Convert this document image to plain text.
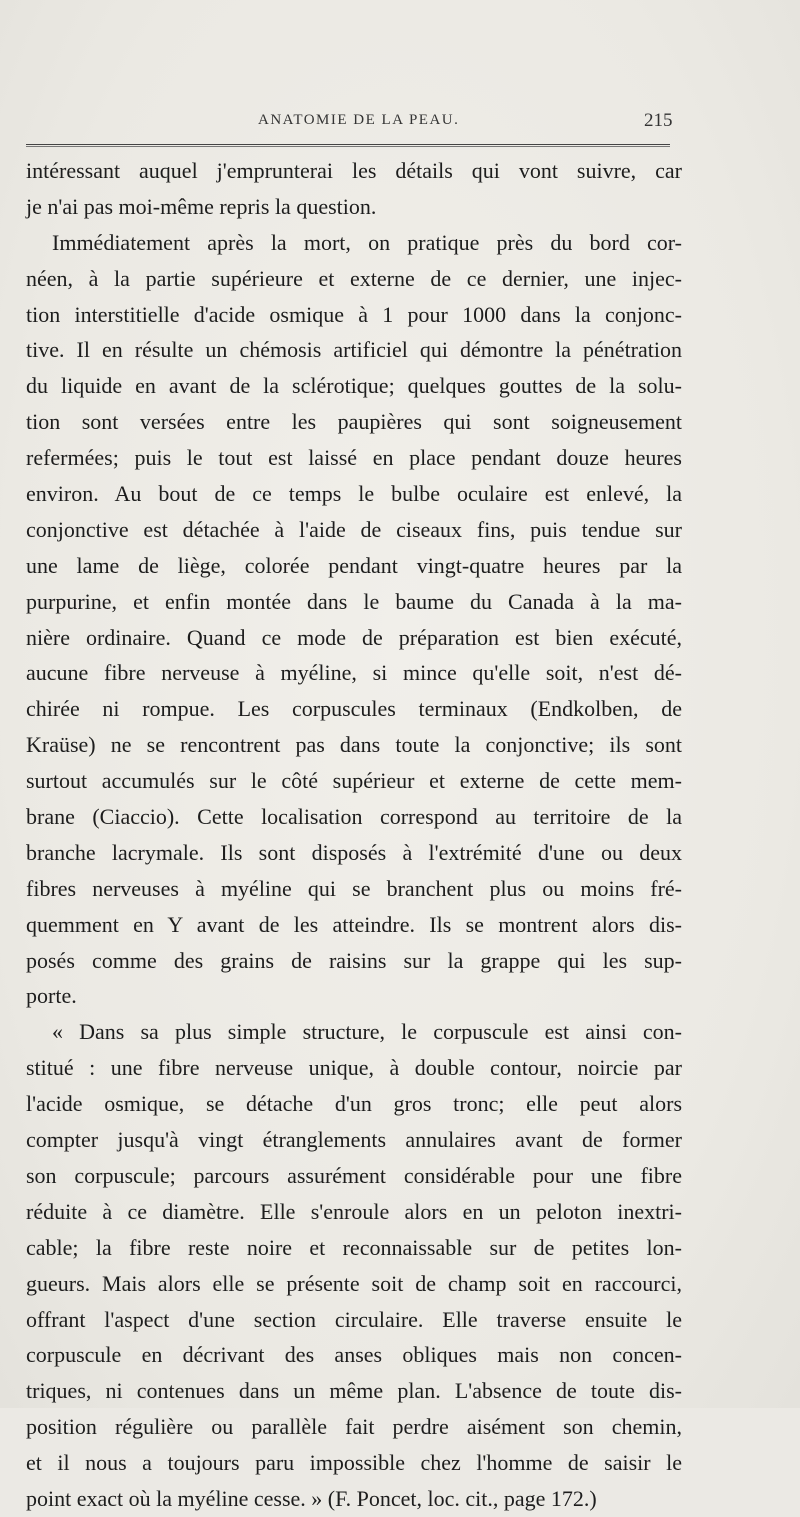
ANATOMIE DE LA PEAU.	215
intéressant auquel j'emprunterai les détails qui vont suivre, car
je n'ai pas moi-même repris la question.
Immédiatement après la mort, on pratique près du bord cor-
néen, à la partie supérieure et externe de ce dernier, une injec-
tion interstitielle d'acide osmique à 1 pour 1000 dans la conjonc-
tive. Il en résulte un chémosis artificiel qui démontre la pénétration
du liquide en avant de la sclérotique; quelques gouttes de la solu-
tion sont versées entre les paupières qui sont soigneusement
refermées; puis le tout est laissé en place pendant douze heures
environ. Au bout de ce temps le bulbe oculaire est enlevé, la
conjonctive est détachée à l'aide de ciseaux fins, puis tendue sur
une lame de liège, colorée pendant vingt-quatre heures par la
purpurine, et enfin montée dans le baume du Canada à la ma-
nière ordinaire. Quand ce mode de préparation est bien exécuté,
aucune fibre nerveuse à myéline, si mince qu'elle soit, n'est dé-
chirée ni rompue. Les corpuscules terminaux (Endkolben, de
Kraüse) ne se rencontrent pas dans toute la conjonctive; ils sont
surtout accumulés sur le côté supérieur et externe de cette mem-
brane (Ciaccio). Cette localisation correspond au territoire de la
branche lacrymale. Ils sont disposés à l'extrémité d'une ou deux
fibres nerveuses à myéline qui se branchent plus ou moins fré-
quemment en Y avant de les atteindre. Ils se montrent alors dis-
posés comme des grains de raisins sur la grappe qui les sup-
porte.
« Dans sa plus simple structure, le corpuscule est ainsi con-
stitué : une fibre nerveuse unique, à double contour, noircie par
l'acide osmique, se détache d'un gros tronc; elle peut alors
compter jusqu'à vingt étranglements annulaires avant de former
son corpuscule; parcours assurément considérable pour une fibre
réduite à ce diamètre. Elle s'enroule alors en un peloton inextri-
cable; la fibre reste noire et reconnaissable sur de petites lon-
gueurs. Mais alors elle se présente soit de champ soit en raccourci,
offrant l'aspect d'une section circulaire. Elle traverse ensuite le
corpuscule en décrivant des anses obliques mais non concen-
triques, ni contenues dans un même plan. L'absence de toute dis-
position régulière ou parallèle fait perdre aisément son chemin,
et il nous a toujours paru impossible chez l'homme de saisir le
point exact où la myéline cesse. » (F. Poncet, loc. cit., page 172.)
